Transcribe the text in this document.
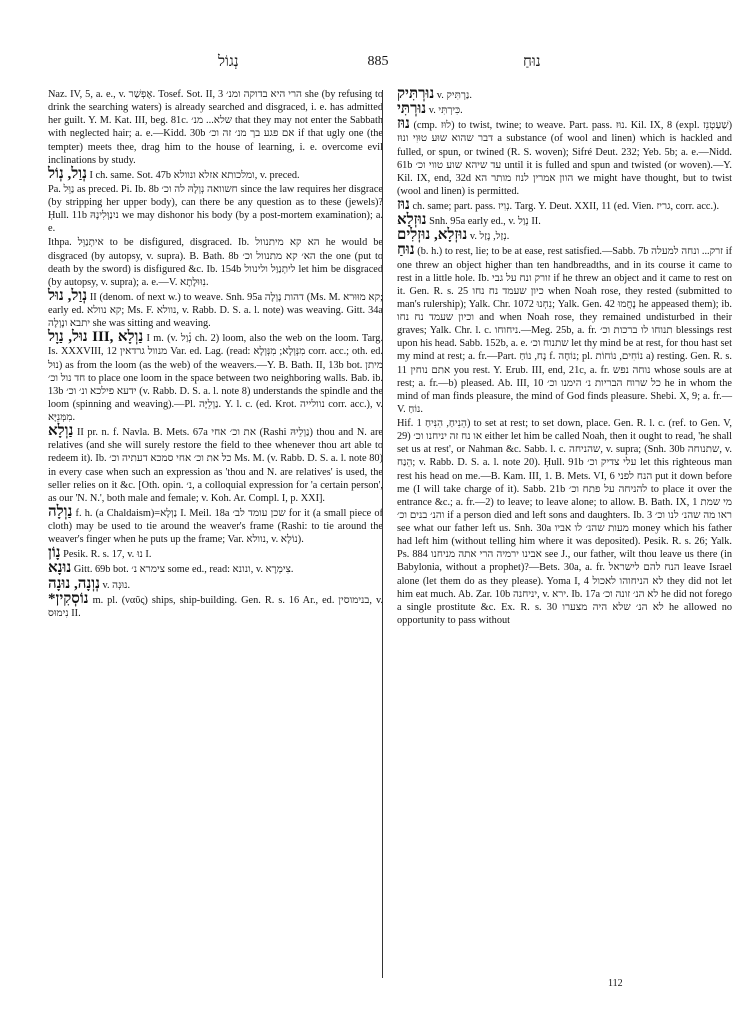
נְגוֹל	885	נוּחַ

Naz. IV, 5, a. e., v. אֶפְשַׁר. Tosef. Sot. II, 3 הרי היא בדוקה ומנ׳ she (by refusing to drink the searching waters) is already searched and disgraced, i. e. has admitted her guilt. Y. M. Kat. III, beg. 81c. שלא... מנ׳ that they may not enter the Sabbath with neglected hair; a. e.—Kidd. 30b אם פגע בך מנ׳ זה וכ׳ if that ugly one (the tempter) meets thee, drag him to the house of learning, i. e. overcome evil inclinations by study.

נְוַל, נְוֹל I ch. same. Sot. 47b ומלכותא אזלא ונוולא, v. preced.

Pa. נַוֵּל as preced. Pi. Ib. 8b חשוואה נְוְלָהּ לה וכ׳ since the law requires her disgrace (by stripping her upper body), can there be any question as to these (jewels)? Ḥull. 11b ניִנַוְּלִינָהּ we may dishonor his body (by a post-mortem examination); a. e.

Ithpa. איתְנַוֵּל to be disfigured, disgraced. Ib. הא קא מיתנוול he would be disgraced (by autopsy, v. supra). B. Bath. 8b הא׳ קא מתנוול וכ׳ the one (put to death by the sword) is disfigured &c. Ib. 154b ליתְנַוַּל ולינוול let him be disgraced (by autopsy, v. supra); a. e.—V. נִוּוּלָתָא.

נְוַל, נוּל II (denom. of next w.) to weave. Snh. 95a דהות נָוְלָה (Ms. M. קא מוּוּרא; early ed. קא נוולא; Ms. F. נוולא, v. Rabb. D. S. a. l. note) was weaving. Gitt. 34a יתבא ונָוְלָה she was sitting and weaving.

נוּל, נַוָל III, נַוְלָא I m. (v. נְ֫וַל ch. 2) loom, also the web on the loom. Targ. Is. XXXVIII, 12 מנוול גרדאין Var. ed. Lag. (read: מִנְּוְלָא; מִנְּוְלָא corr. acc.; oth. ed. נוּל) as from the loom (as the web) of the weavers.—Y. B. Bath. II, 13b bot. מיתן חד נול וכ׳ to place one loom in the space between two neighboring walls. Bab. ib. 13b ידעא פילכא ונ׳ וכ׳ (v. Rabb. D. S. a. l. note 8) understands the spindle and the loom (spinning and weaving).—Pl. נַוְלֵיָּה. Y. l. c. (ed. Krot. נוולייה corr. acc.), v. מִמְּנֵיָּא.

נַוְלָא II pr. n. f. Navla. B. Mets. 67a את וכ׳ אחי (Rashi נַוְלֵיהּ) thou and N. are relatives (and she will surely restore the field to thee whenever thou art able to redeem it). Ib. כל את וכ׳ אחי סמכא דעתיה וכ׳ Ms. M. (v. Rabb. D. S. a. l. note 80) in every case when such an expression as 'thou and N. are relatives' is used, the seller relies on it &c. [Oth. opin. נ׳, a colloquial expression for 'a certain person', as our 'N. N.', both male and female; v. Koh. Ar. Compl. I, p. XXI].

נַוְלָה f. h. (a Chaldaism)=נַוְלָא I. Meil. 18a שכן עומד לב׳ for it (a small piece of cloth) may be used to tie around the weaver's frame (Rashi: to tie around the weaver's finger when he puts up the frame; Var. נוולא, v. נוֹלָא).

נָוֹן Pesik. R. s. 17, v. נוּ I.

נוּנָא Gitt. 69b bot. צימרא נ׳ some ed., read: ונונא, v. צִימְרָא.

נְוְנָה, נוּנָה v. נוּנְה.

*נוֹסְקִין m. pl. (ναῦς) ships, ship-building. Gen. R. s. 16 Ar., ed. בנימוסין, v. נִימוּס II.

נוּרְתִּיק v. נַרְתִּיק.

נוּרְתִּי v. כִּירְתִּי.

נוּז (cmp. לוּז) to twist, twine; to weave. Part. pass. נוּז. Kil. IX, 8 (expl. שַׁעַטְנֵז) דבר שהוא שוּע טוּוִי ונוּז a substance (of wool and linen) which is hackled and fulled, or spun, or twined (R. S. woven); Sifré Deut. 232; Yeb. 5b; a. e.—Nidd. 61b עד שיהא שוע טווי וכ׳ until it is fulled and spun and twisted (or woven).—Y. Kil. IX, end, 32d הוון אמרין לנוז מותר הא we might have thought, but to twist (wool and linen) is permitted.

נוּז ch. same; part. pass. נְוִיז. Targ. Y. Deut. XXII, 11 (ed. Vien. גריז, corr. acc.).

נוּזְלָא Snh. 95a early ed., v. נְוַל II.

נוּזְלָא, נוּזְלִים v. נְזַל, נָזַל.

נוּחַ (b. h.) to rest, lie; to be at ease, rest satisfied.—Sabb. 7b זרק... ונחה למעלה if one threw an object higher than ten handbreadths, and in its course it came to rest in a little hole. Ib. זורק ונח על גבי if he threw an object and it came to rest on it. Gen. R. s. 25 כיון שעמד נח נחו when Noah rose, they rested (submitted to man's rulership); Yalk. Chr. 1072 נִחְנוּ; Yalk. Gen. 42 נָחֲמוּ he appeased them); ib. וכיון שעמד נח נחו and when Noah rose, they remained undisturbed in their graves; Yalk. Chr. l. c. ניחוחו.—Meg. 25b, a. fr. תנוחו לו ברכות וכ׳ blessings rest upon his head. Sabb. 152b, a. e. שתנוח וכ׳ let thy mind be at rest, for thou hast set my mind at rest; a. fr.—Part. נָח, נוֹחַ f. נוֹחָה; pl. נוֹחִים, נוֹחוֹת a) resting. Gen. R. s. 11 אתם נוחין you rest. Y. Erub. III, end, 21c, a. fr. נוחה נפש whose souls are at rest; a. fr.—b) pleased. Ab. III, 10 כל שרוח הבריות נ׳ הימנו וכ׳ he in whom the mind of man finds pleasure, the mind of God finds pleasure. Shebi. X, 9; a. fr.—V. נוֹחַ.

Hif. הֵנִיחַ, הִנִּיחַ 1) to set at rest; to set down, place. Gen. R. l. c. (ref. to Gen. V, 29) או נח זה יניחנו וכ׳ either let him be called Noah, then it ought to read, 'he shall set us at rest', or Nahman &c. Sabb. l. c. שהניחה, v. supra; (Snh. 30b שתנוחה, v. הֵנַח; v. Rabb. D. S. a. l. note 20). Ḥull. 91b עלי צדיק וכ׳ let this righteous man rest his head on me.—B. Kam. III, 1. B. Mets. VI, 6 הנח לפני put it down before me (I will take charge of it). Sabb. 21b להניחה על פתח וכ׳ to place it over the entrance &c.; a. fr.—2) to leave; to leave alone; to allow. B. Bath. IX, 1 מי שמת והנ׳ בנים וכ׳ if a person died and left sons and daughters. Ib. 3 ראו מה שהנ׳ לנו וכ׳ see what our father left us. Snh. 30a מעות שהנ׳ לו אביו money which his father had left him (without telling him where it was deposited). Pesik. R. s. 26; Yalk. Ps. 884 אבינו ירמיה הרי אתה מניחנו see J., our father, wilt thou leave us there (in Babylonia, without a prophet)?—Bets. 30a, a. fr. הנח להם לישראל leave Israel alone (let them do as they please). Yoma I, 4 לא הניחוהו לאכול they did not let him eat much. Ab. Zar. 10b יניחנה, v. ירא. Ib. 17a לא הנ׳ זונה וכ׳ he did not forego a single prostitute &c. Ex. R. s. 30 לא הנ׳ שלא היה מצערו he allowed no opportunity to pass without

112
